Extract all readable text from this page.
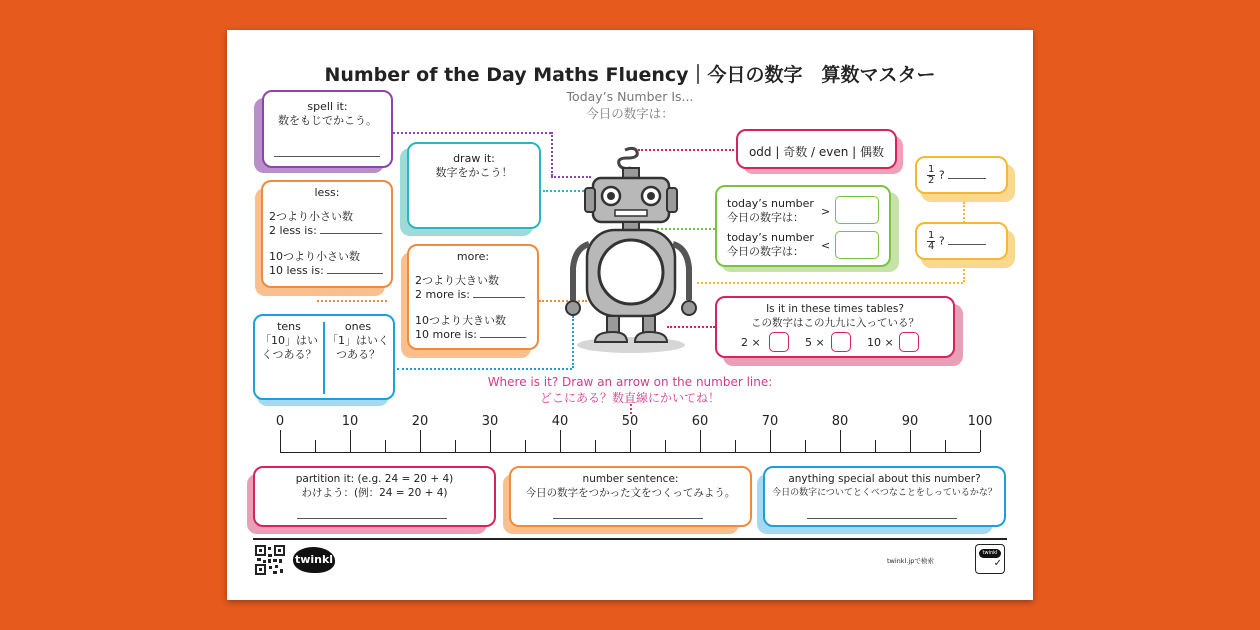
Number of the Day Maths Fluency｜今日の数字　算数マスター
Today’s Number Is...
今日の数字は：
spell it:
数をもじでかこう。
draw it:
数字をかこう！
less:
2つより小さい数
2 less is:
10つより小さい数
10 less is:
more:
2つより大きい数
2 more is:
10つより大きい数
10 more is:
tens
「10」はい
くつある？
ones
「1」はいく
つある？
odd | 奇数 / even | 偶数
today’s number
今日の数字は： >
today’s number
今日の数字は： <
$\frac{1}{2}$ ?
$\frac{1}{4}$ ?
Is it in these times tables?
この数字はこの九九に入っている？
2 ×	5 ×	10 ×
Where is it? Draw an arrow on the number line:
どこにある？数直線にかいてね！
0	10	20	30	40	50	60	70	80	90	100
partition it: (e.g. 24 = 20 + 4)
わけよう：(例：24 = 20 + 4)
number sentence:
今日の数字をつかった文をつくってみよう。
anything special about this number?
今日の数字についてとくべつなことをしっているかな？
twinkl	twinkl.jpで検索
twinkl
✓
